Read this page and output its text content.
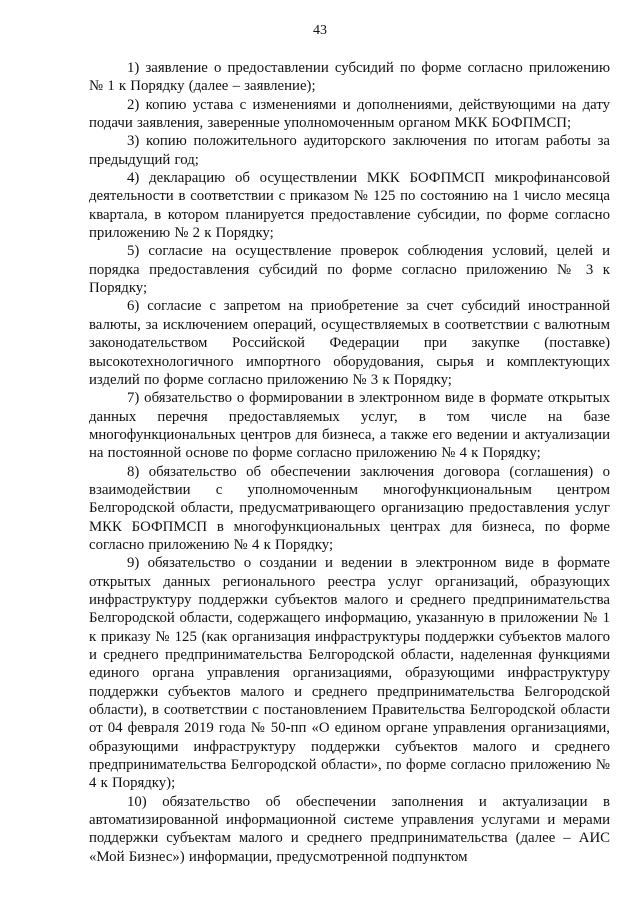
43

1) заявление о предоставлении субсидий по форме согласно приложению № 1 к Порядку (далее – заявление);

2) копию устава с изменениями и дополнениями, действующими на дату подачи заявления, заверенные уполномоченным органом МКК БОФПМСП;

3) копию положительного аудиторского заключения по итогам работы за предыдущий год;

4) декларацию об осуществлении МКК БОФПМСП микрофинансовой деятельности в соответствии с приказом № 125 по состоянию на 1 число месяца квартала, в котором планируется предоставление субсидии, по форме согласно приложению № 2 к Порядку;

5) согласие на осуществление проверок соблюдения условий, целей и порядка предоставления субсидий по форме согласно приложению № 3 к Порядку;

6) согласие с запретом на приобретение за счет субсидий иностранной валюты, за исключением операций, осуществляемых в соответствии с валютным законодательством Российской Федерации при закупке (поставке) высокотехнологичного импортного оборудования, сырья и комплектующих изделий по форме согласно приложению № 3 к Порядку;

7) обязательство о формировании в электронном виде в формате открытых данных перечня предоставляемых услуг, в том числе на базе многофункциональных центров для бизнеса, а также его ведении и актуализации на постоянной основе по форме согласно приложению № 4 к Порядку;

8) обязательство об обеспечении заключения договора (соглашения) о взаимодействии с уполномоченным многофункциональным центром Белгородской области, предусматривающего организацию предоставления услуг МКК БОФПМСП в многофункциональных центрах для бизнеса, по форме согласно приложению № 4 к Порядку;

9) обязательство о создании и ведении в электронном виде в формате открытых данных регионального реестра услуг организаций, образующих инфраструктуру поддержки субъектов малого и среднего предпринимательства Белгородской области, содержащего информацию, указанную в приложении № 1 к приказу № 125 (как организация инфраструктуры поддержки субъектов малого и среднего предпринимательства Белгородской области, наделенная функциями единого органа управления организациями, образующими инфраструктуру поддержки субъектов малого и среднего предпринимательства Белгородской области), в соответствии с постановлением Правительства Белгородской области от 04 февраля 2019 года № 50-пп «О едином органе управления организациями, образующими инфраструктуру поддержки субъектов малого и среднего предпринимательства Белгородской области», по форме согласно приложению № 4 к Порядку);

10) обязательство об обеспечении заполнения и актуализации в автоматизированной информационной системе управления услугами и мерами поддержки субъектам малого и среднего предпринимательства (далее – АИС «Мой Бизнес») информации, предусмотренной подпунктом
